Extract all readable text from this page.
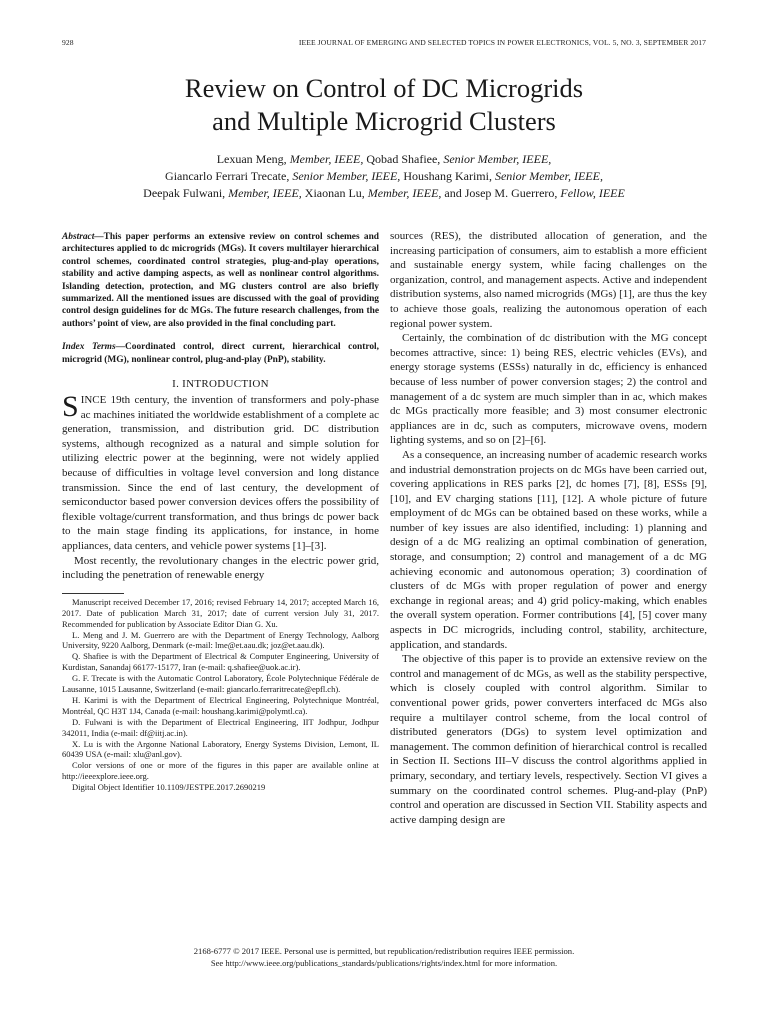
928	IEEE JOURNAL OF EMERGING AND SELECTED TOPICS IN POWER ELECTRONICS, VOL. 5, NO. 3, SEPTEMBER 2017
Review on Control of DC Microgrids
and Multiple Microgrid Clusters
Lexuan Meng, Member, IEEE, Qobad Shafiee, Senior Member, IEEE,
Giancarlo Ferrari Trecate, Senior Member, IEEE, Houshang Karimi, Senior Member, IEEE,
Deepak Fulwani, Member, IEEE, Xiaonan Lu, Member, IEEE, and Josep M. Guerrero, Fellow, IEEE
Abstract—This paper performs an extensive review on control schemes and architectures applied to dc microgrids (MGs). It covers multilayer hierarchical control schemes, coordinated control strategies, plug-and-play operations, stability and active damping aspects, as well as nonlinear control algorithms. Islanding detection, protection, and MG clusters control are also briefly summarized. All the mentioned issues are discussed with the goal of providing control design guidelines for dc MGs. The future research challenges, from the authors’ point of view, are also provided in the final concluding part.
Index Terms—Coordinated control, direct current, hierarchical control, microgrid (MG), nonlinear control, plug-and-play (PnP), stability.
I. INTRODUCTION

SINCE 19th century, the invention of transformers and poly-phase ac machines initiated the worldwide establishment of a complete ac generation, transmission, and distribution grid. DC distribution systems, although recognized as a natural and simple solution for utilizing electric power at the beginning, were not widely applied because of difficulties in voltage level conversion and long distance transmission. Since the end of last century, the development of semiconductor based power conversion devices offers the possibility of flexible voltage/current transformation, and thus brings dc power back to the main stage finding its applications, for instance, in home appliances, data centers, and vehicle power systems [1]–[3].

Most recently, the revolutionary changes in the electric power grid, including the penetration of renewable energy

Manuscript received December 17, 2016; revised February 14, 2017; accepted March 16, 2017. Date of publication March 31, 2017; date of current version July 31, 2017. Recommended for publication by Associate Editor Dian G. Xu.

L. Meng and J. M. Guerrero are with the Department of Energy Technology, Aalborg University, 9220 Aalborg, Denmark (e-mail: lme@et.aau.dk; joz@et.aau.dk).

Q. Shafiee is with the Department of Electrical & Computer Engineering, University of Kurdistan, Sanandaj 66177-15177, Iran (e-mail: q.shafiee@uok.ac.ir).

G. F. Trecate is with the Automatic Control Laboratory, École Polytechnique Fédérale de Lausanne, 1015 Lausanne, Switzerland (e-mail: giancarlo.ferraritrecate@epfl.ch).

H. Karimi is with the Department of Electrical Engineering, Polytechnique Montréal, Montréal, QC H3T 1J4, Canada (e-mail: houshang.karimi@polymtl.ca).

D. Fulwani is with the Department of Electrical Engineering, IIT Jodhpur, Jodhpur 342011, India (e-mail: df@iitj.ac.in).

X. Lu is with the Argonne National Laboratory, Energy Systems Division, Lemont, IL 60439 USA (e-mail: xlu@anl.gov).

Color versions of one or more of the figures in this paper are available online at http://ieeexplore.ieee.org.

Digital Object Identifier 10.1109/JESTPE.2017.2690219

sources (RES), the distributed allocation of generation, and the increasing participation of consumers, aim to establish a more efficient and sustainable energy system, while facing challenges on the organization, control, and management aspects. Active and independent distribution systems, also named microgrids (MGs) [1], are thus the key to achieve those goals, realizing the autonomous operation of each regional power system.

Certainly, the combination of dc distribution with the MG concept becomes attractive, since: 1) being RES, electric vehicles (EVs), and energy storage systems (ESSs) naturally in dc, efficiency is enhanced because of less number of power conversion stages; 2) the control and management of a dc system are much simpler than in ac, which makes dc MGs practically more feasible; and 3) most consumer electronic appliances are in dc, such as computers, microwave ovens, modern lighting systems, and so on [2]–[6].

As a consequence, an increasing number of academic research works and industrial demonstration projects on dc MGs have been carried out, covering applications in RES parks [2], dc homes [7], [8], ESSs [9], [10], and EV charging stations [11], [12]. A whole picture of future employment of dc MGs can be obtained based on these works, while a number of key issues are also identified, including: 1) planning and design of a dc MG realizing an optimal combination of generation, storage, and consumption; 2) control and management of a dc MG achieving economic and autonomous operation; 3) coordination of clusters of dc MGs with proper regulation of power and energy exchange in regional areas; and 4) grid policy-making, which enables the overall system operation. Former contributions [4], [5] cover many aspects in DC microgrids, including control, stability, architecture, application, and standards.

The objective of this paper is to provide an extensive review on the control and management of dc MGs, as well as the stability perspective, which is closely coupled with control algorithm. Similar to conventional power grids, power converters interfaced dc MGs also require a multilayer control scheme, from the local control of distributed generators (DGs) to system level optimization and management. The common definition of hierarchical control is recalled in Section II. Sections III–V discuss the control algorithms applied in primary, secondary, and tertiary levels, respectively. Section VI gives a summary on the coordinated control schemes. Plug-and-play (PnP) control and operation are discussed in Section VII. Stability aspects and active damping design are

2168-6777 © 2017 IEEE. Personal use is permitted, but republication/redistribution requires IEEE permission.
See http://www.ieee.org/publications_standards/publications/rights/index.html for more information.
